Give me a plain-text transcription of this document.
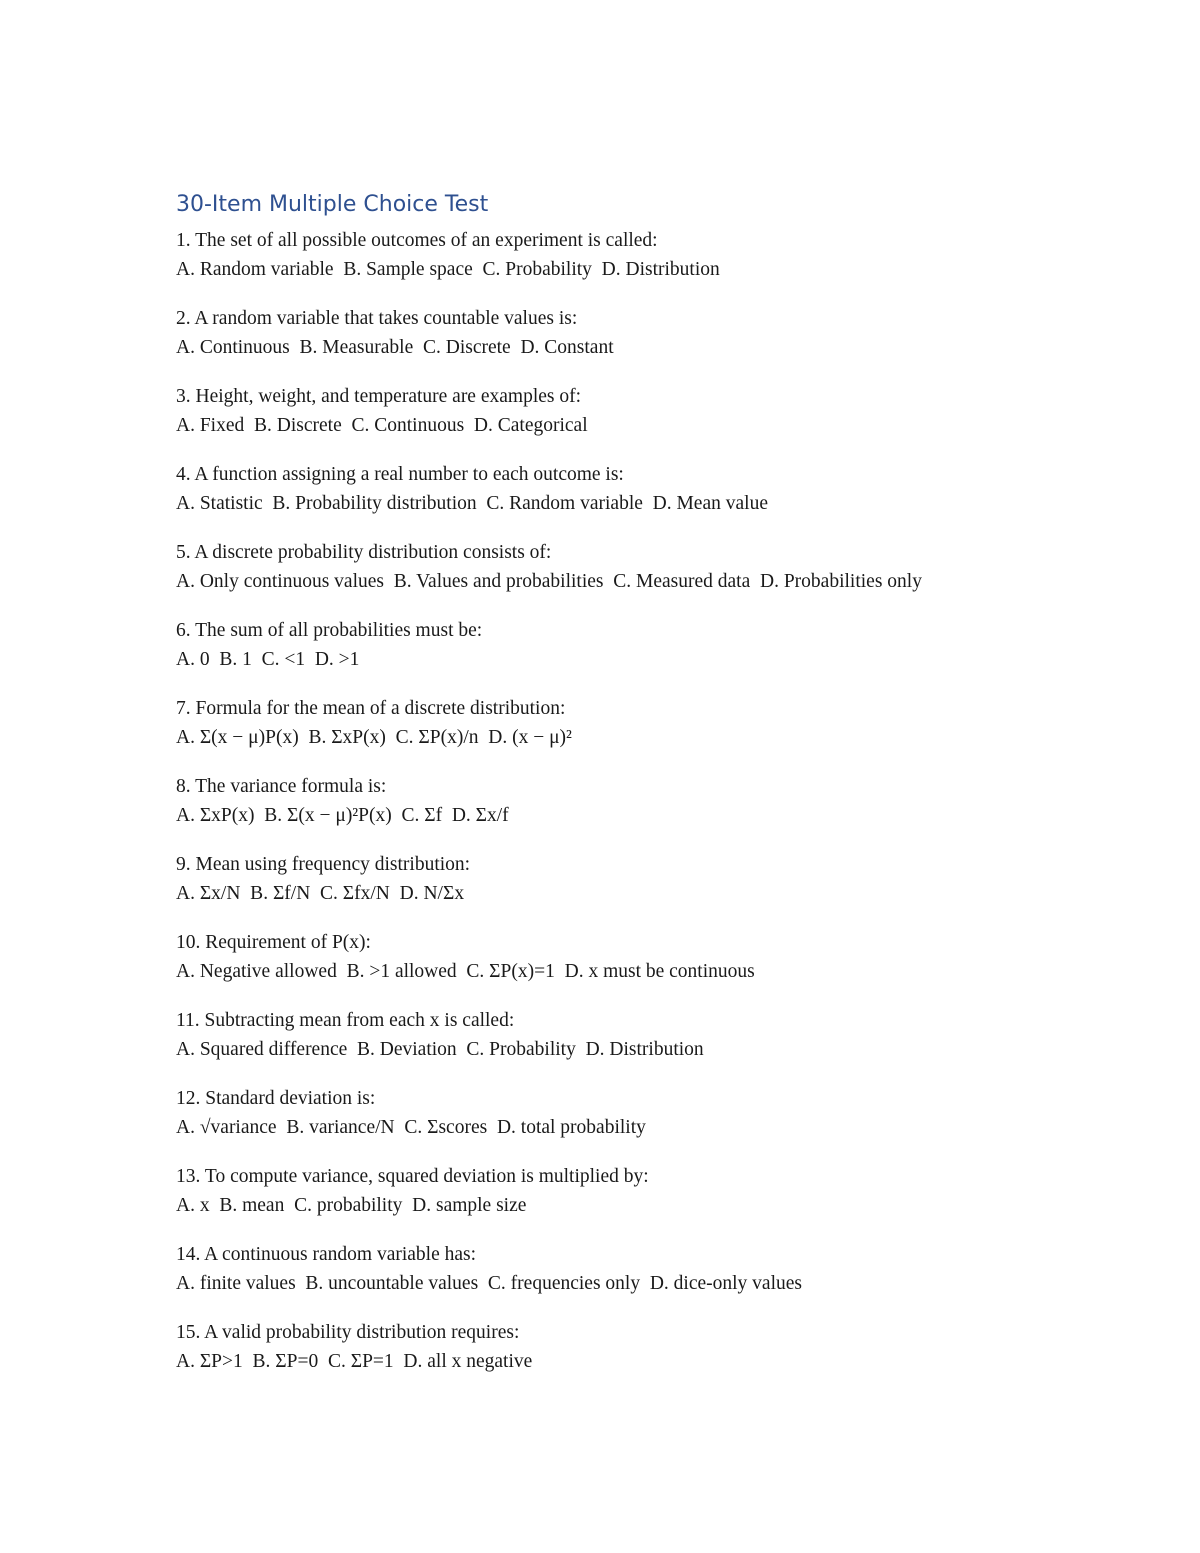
30-Item Multiple Choice Test

1. The set of all possible outcomes of an experiment is called:

A. Random variable  B. Sample space  C. Probability  D. Distribution

2. A random variable that takes countable values is:

A. Continuous  B. Measurable  C. Discrete  D. Constant

3. Height, weight, and temperature are examples of:

A. Fixed  B. Discrete  C. Continuous  D. Categorical

4. A function assigning a real number to each outcome is:

A. Statistic  B. Probability distribution  C. Random variable  D. Mean value

5. A discrete probability distribution consists of:

A. Only continuous values  B. Values and probabilities  C. Measured data  D. Probabilities only

6. The sum of all probabilities must be:

A. 0  B. 1  C. <1  D. >1

7. Formula for the mean of a discrete distribution:

A. Σ(x − μ)P(x)  B. ΣxP(x)  C. ΣP(x)/n  D. (x − μ)²

8. The variance formula is:

A. ΣxP(x)  B. Σ(x − μ)²P(x)  C. Σf  D. Σx/f

9. Mean using frequency distribution:

A. Σx/N  B. Σf/N  C. Σfx/N  D. N/Σx

10. Requirement of P(x):

A. Negative allowed  B. >1 allowed  C. ΣP(x)=1  D. x must be continuous

11. Subtracting mean from each x is called:

A. Squared difference  B. Deviation  C. Probability  D. Distribution

12. Standard deviation is:

A. √variance  B. variance/N  C. Σscores  D. total probability

13. To compute variance, squared deviation is multiplied by:

A. x  B. mean  C. probability  D. sample size

14. A continuous random variable has:

A. finite values  B. uncountable values  C. frequencies only  D. dice-only values

15. A valid probability distribution requires:

A. ΣP>1  B. ΣP=0  C. ΣP=1  D. all x negative
